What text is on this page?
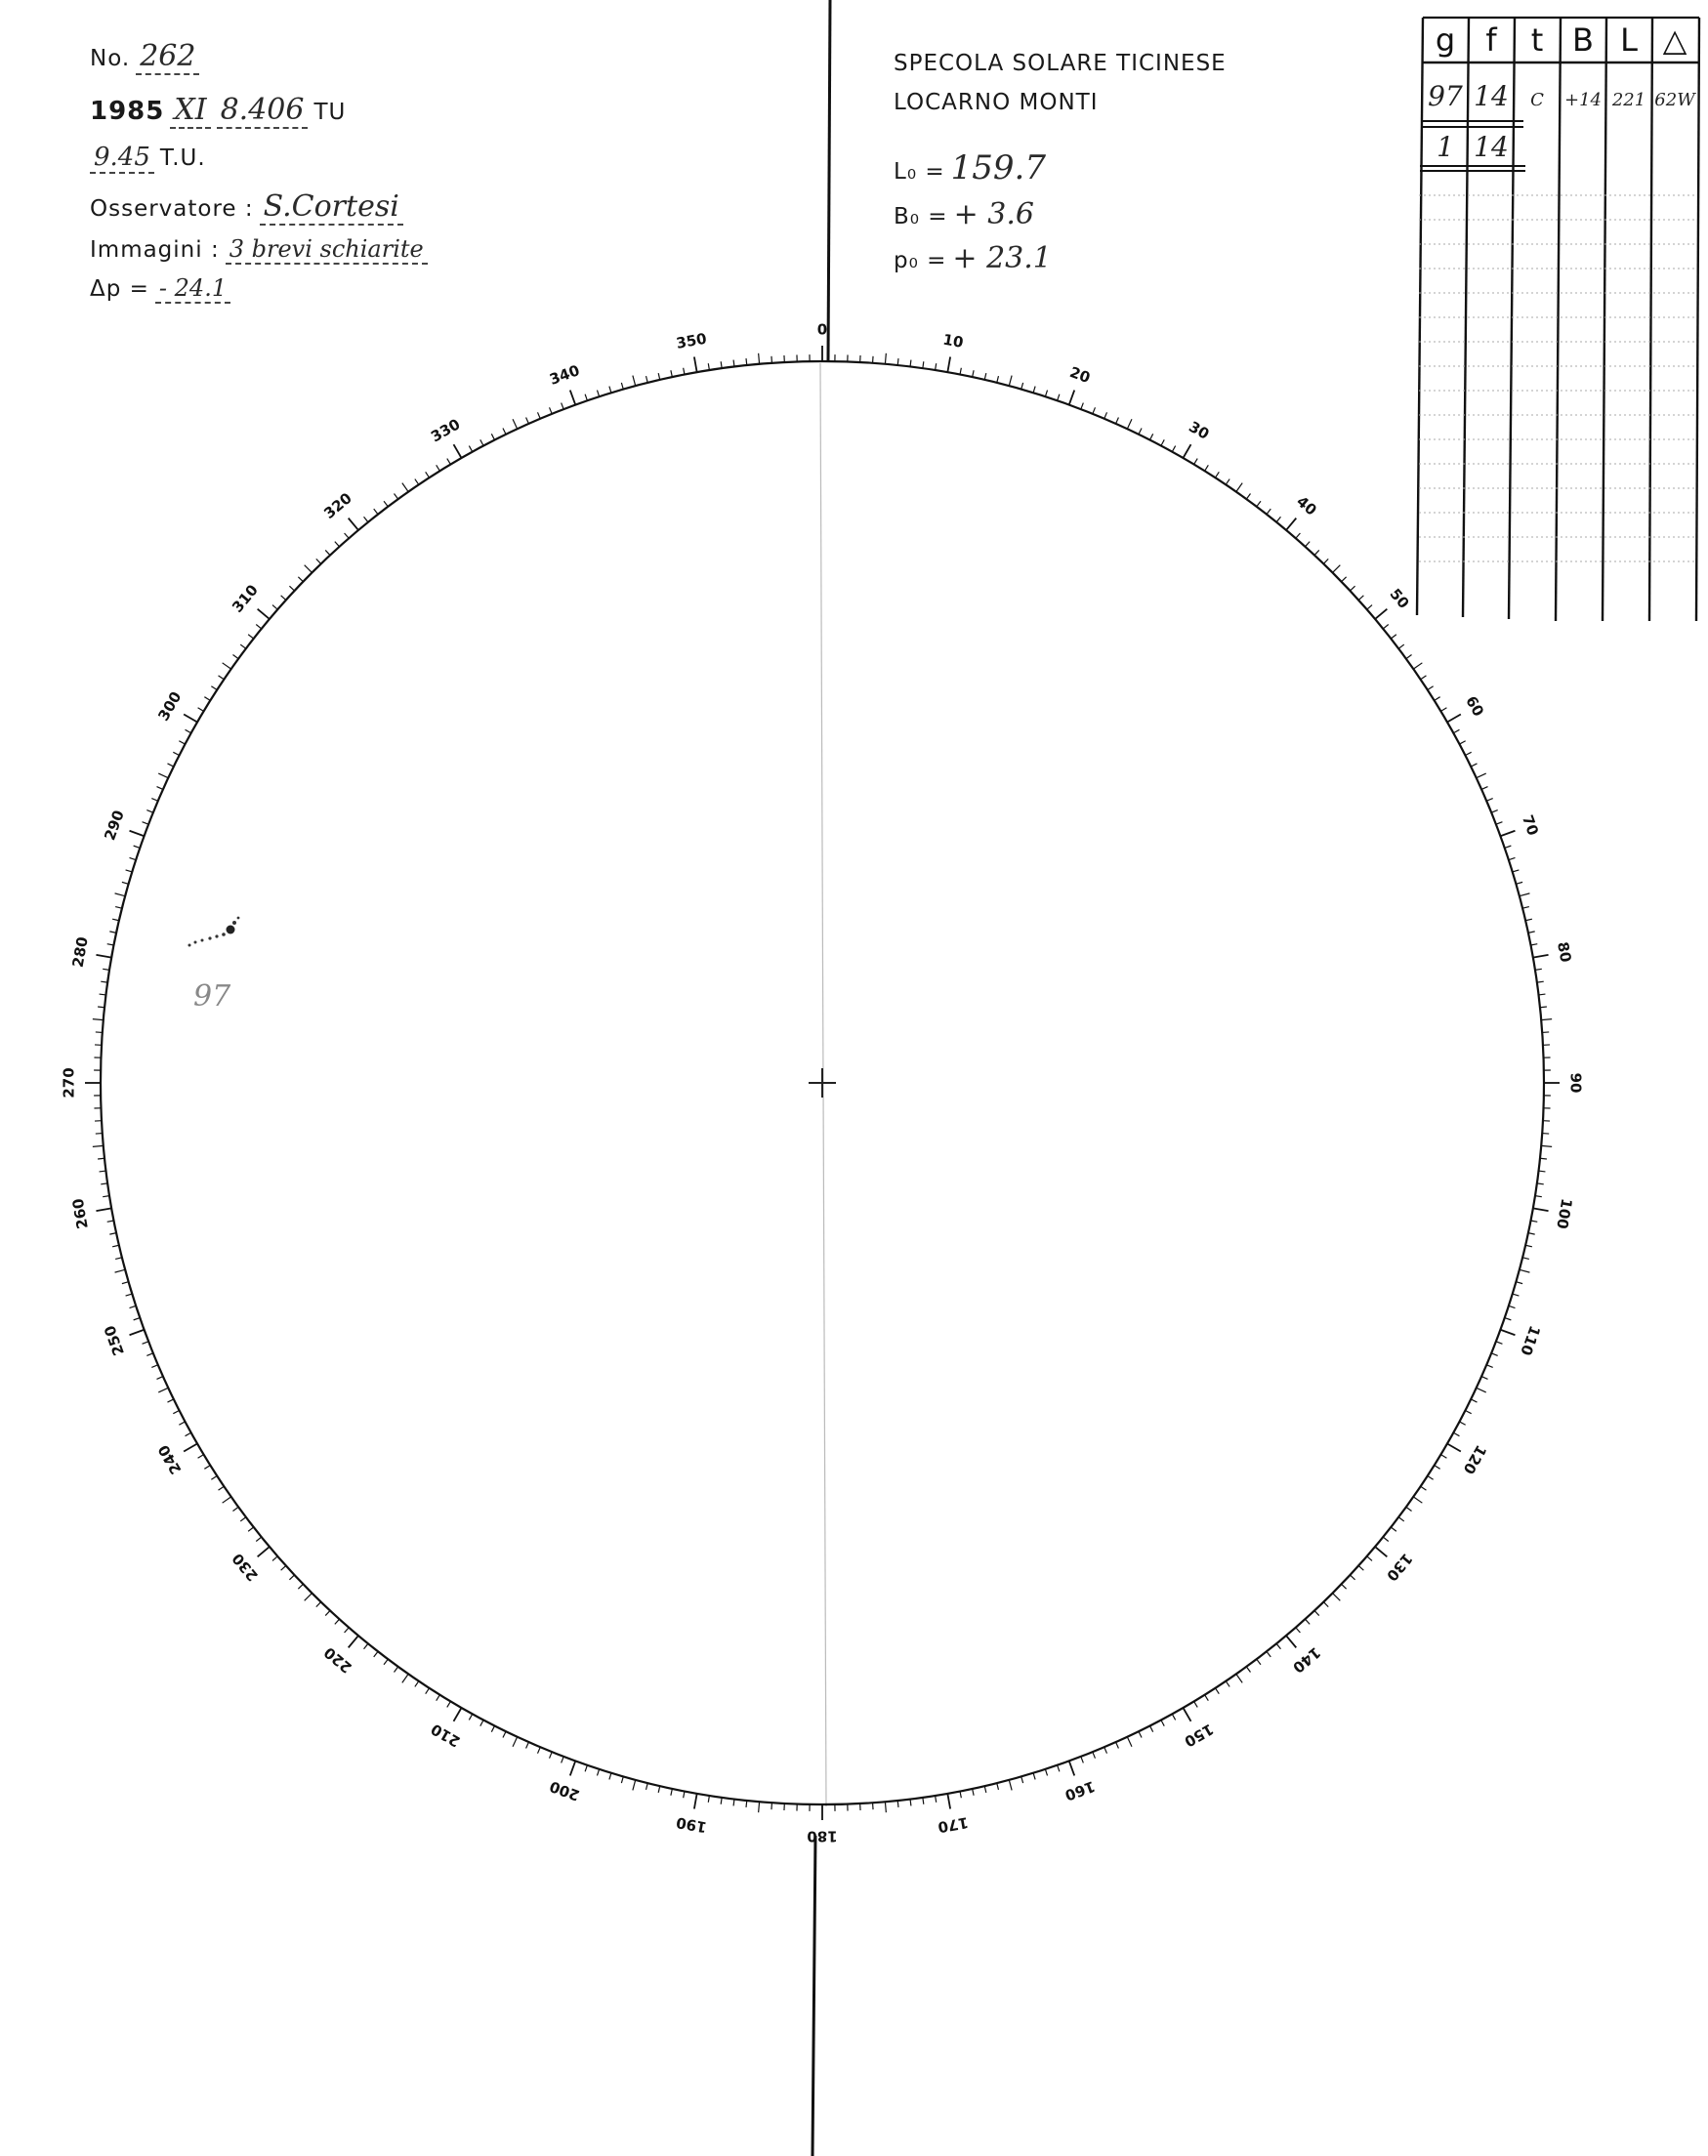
No. 262
1985 XI 8.406 TU
9.45 T.U.
Osservatore : S.Cortesi
Immagini : 3 brevi schiarite
Δp = - 24.1
SPECOLA SOLARE TICINESE
LOCARNO MONTI
L₀ = 159.7
B₀ = + 3.6
p₀ = + 23.1
0
10
20
30
40
50
60
70
80
90
100
110
120
130
140
150
160
170
180
190
200
210
220
230
240
250
260
270
280
290
300
310
320
330
340
350
97
g f t B L △
97 14 C +14 221 62W
1 14
